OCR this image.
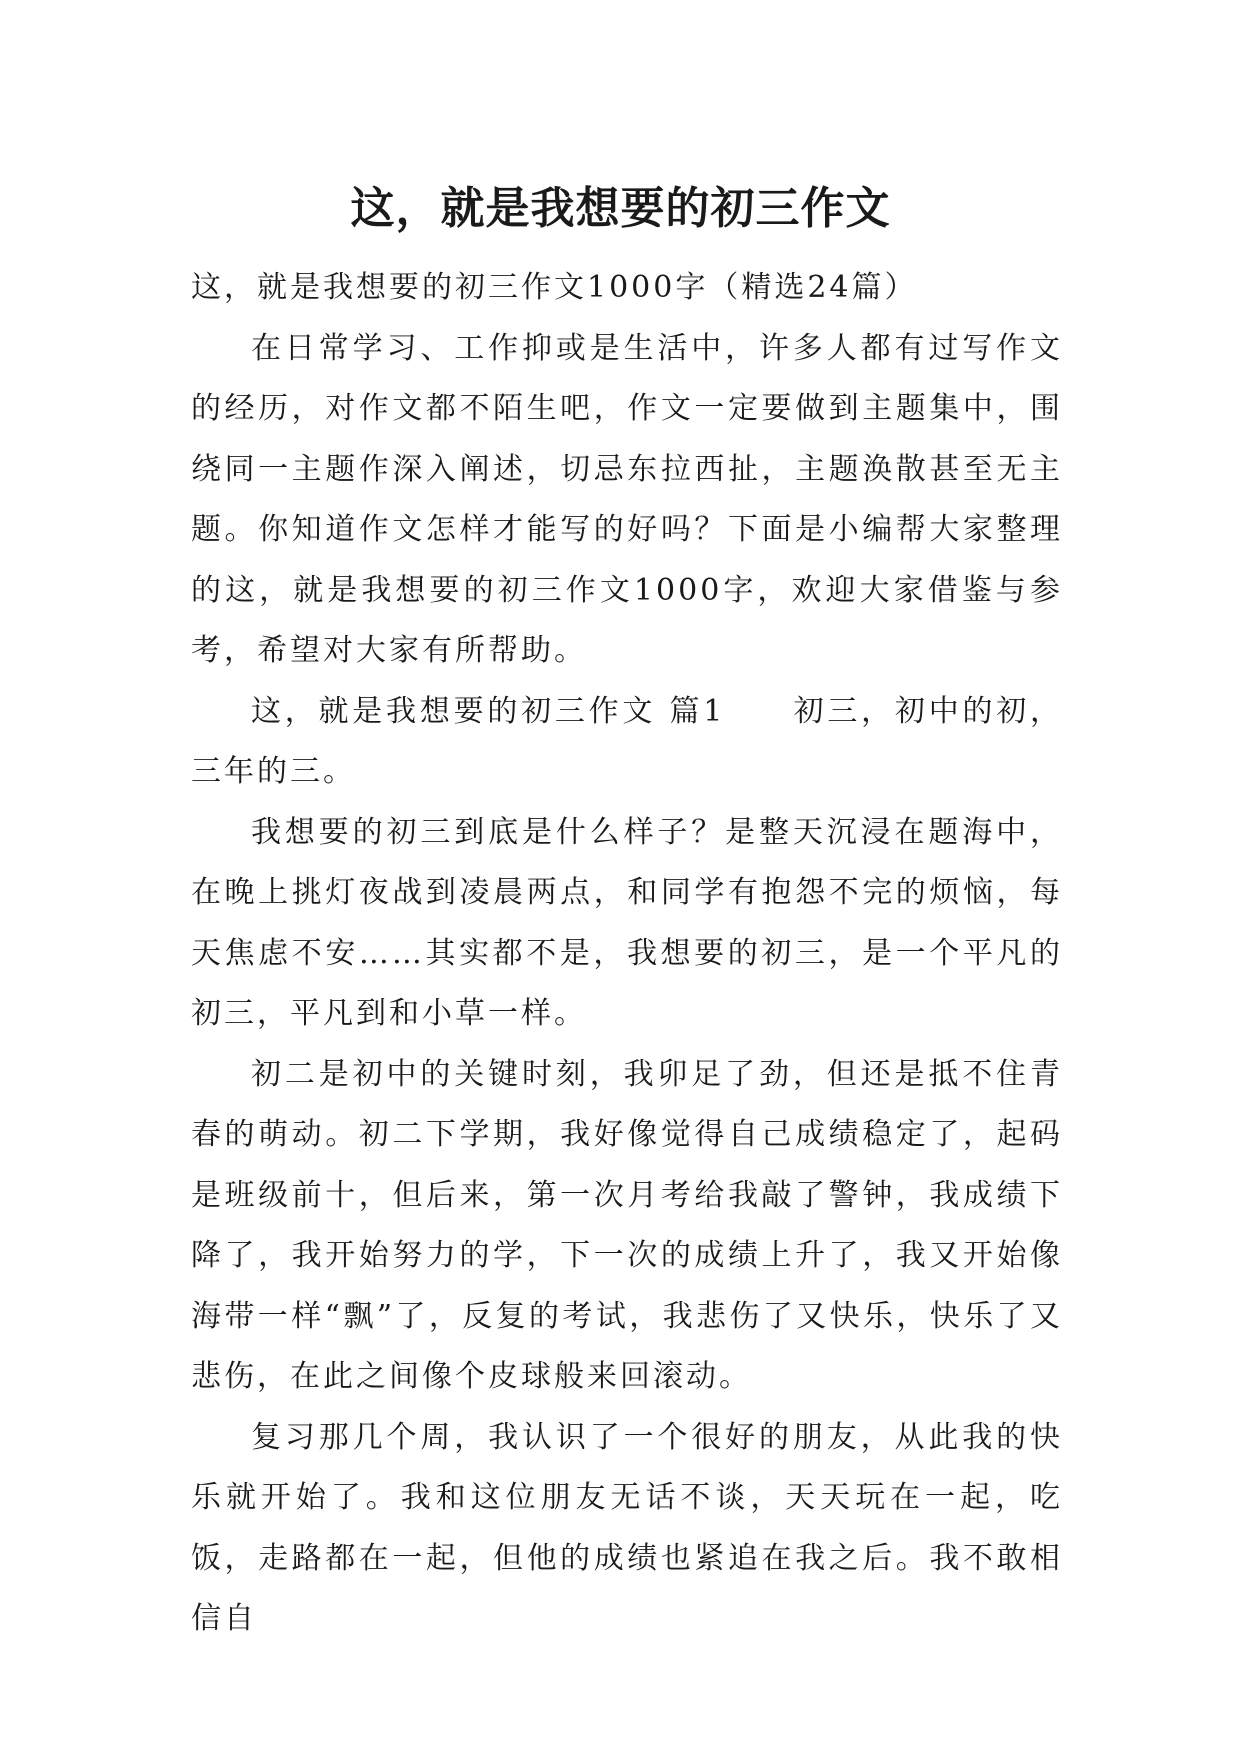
这，就是我想要的初三作文

这，就是我想要的初三作文1000字（精选24篇）

在日常学习、工作抑或是生活中，许多人都有过写作文的经历，对作文都不陌生吧，作文一定要做到主题集中，围绕同一主题作深入阐述，切忌东拉西扯，主题涣散甚至无主题。你知道作文怎样才能写的好吗？下面是小编帮大家整理的这，就是我想要的初三作文1000字，欢迎大家借鉴与参考，希望对大家有所帮助。

这，就是我想要的初三作文 篇1　　初三，初中的初，三年的三。

我想要的初三到底是什么样子？是整天沉浸在题海中，在晚上挑灯夜战到凌晨两点，和同学有抱怨不完的烦恼，每天焦虑不安……其实都不是，我想要的初三，是一个平凡的初三，平凡到和小草一样。

初二是初中的关键时刻，我卯足了劲，但还是抵不住青春的萌动。初二下学期，我好像觉得自己成绩稳定了，起码是班级前十，但后来，第一次月考给我敲了警钟，我成绩下降了，我开始努力的学，下一次的成绩上升了，我又开始像海带一样“飘”了，反复的考试，我悲伤了又快乐，快乐了又悲伤，在此之间像个皮球般来回滚动。

复习那几个周，我认识了一个很好的朋友，从此我的快乐就开始了。我和这位朋友无话不谈，天天玩在一起，吃饭，走路都在一起，但他的成绩也紧追在我之后。我不敢相信自
